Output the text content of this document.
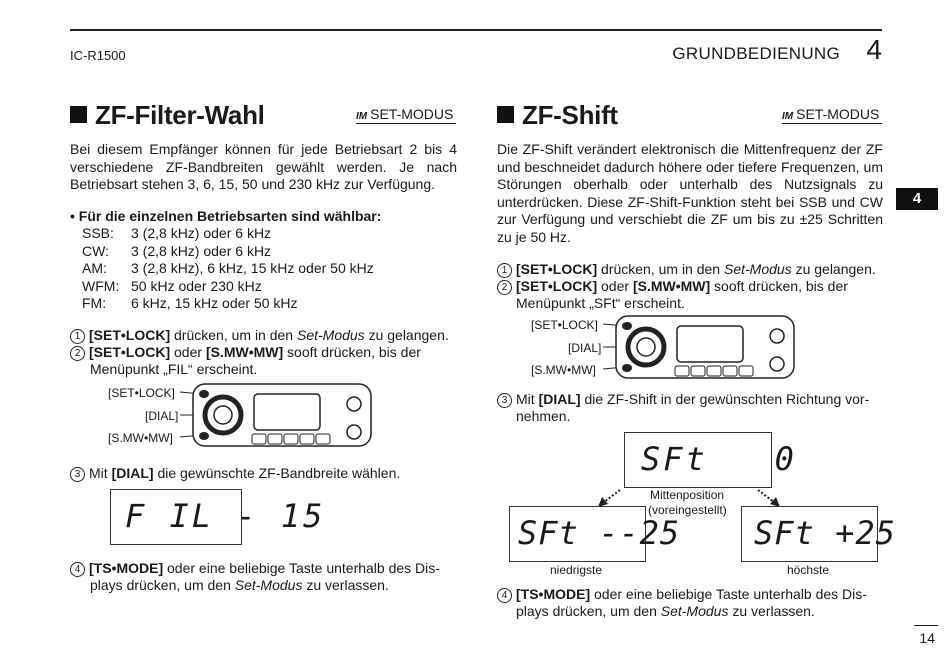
IC-R1500	GRUNDBEDIENUNG 4
4
ZF-Filter-Wahl	IM SET-MODUS
Bei diesem Empfänger können für jede Betriebsart 2 bis 4 verschiedene ZF-Bandbreiten gewählt werden. Je nach Betriebsart stehen 3, 6, 15, 50 und 230 kHz zur Verfügung.
• Für die einzelnen Betriebsarten sind wählbar:
SSB:	3 (2,8 kHz) oder 6 kHz
CW:	3 (2,8 kHz) oder 6 kHz
AM:	3 (2,8 kHz), 6 kHz, 15 kHz oder 50 kHz
WFM: 50 kHz oder 230 kHz
FM:	6 kHz, 15 kHz oder 50 kHz
1 [SET•LOCK] drücken, um in den Set-Modus zu gelangen.
2 [SET•LOCK] oder [S.MW•MW] sooft drücken, bis der
Menüpunkt „FIL“ erscheint.
[SET•LOCK]
[DIAL]
[S.MW•MW]
3 Mit [DIAL] die gewünschte ZF-Bandbreite wählen.
F IL - 15
4 [TS•MODE] oder eine beliebige Taste unterhalb des Dis-
plays drücken, um den Set-Modus zu verlassen.
ZF-Shift	IM SET-MODUS
Die ZF-Shift verändert elektronisch die Mittenfrequenz der ZF und beschneidet dadurch höhere oder tiefere Frequenzen, um Störungen oberhalb oder unterhalb des Nutzsignals zu unterdrücken. Diese ZF-Shift-Funktion steht bei SSB und CW zur Verfügung und verschiebt die ZF um bis zu ±25 Schritten zu je 50 Hz.
1 [SET•LOCK] drücken, um in den Set-Modus zu gelangen.
2 [SET•LOCK] oder [S.MW•MW] sooft drücken, bis der
Menüpunkt „SFt“ erscheint.
[SET•LOCK]
[DIAL]
[S.MW•MW]
3 Mit [DIAL] die ZF-Shift in der gewünschten Richtung vor-
nehmen.
SFt   0
Mittenposition
(voreingestellt)
SFt --25 SFt +25
niedrigste	höchste
4 [TS•MODE] oder eine beliebige Taste unterhalb des Dis-
plays drücken, um den Set-Modus zu verlassen.
14
